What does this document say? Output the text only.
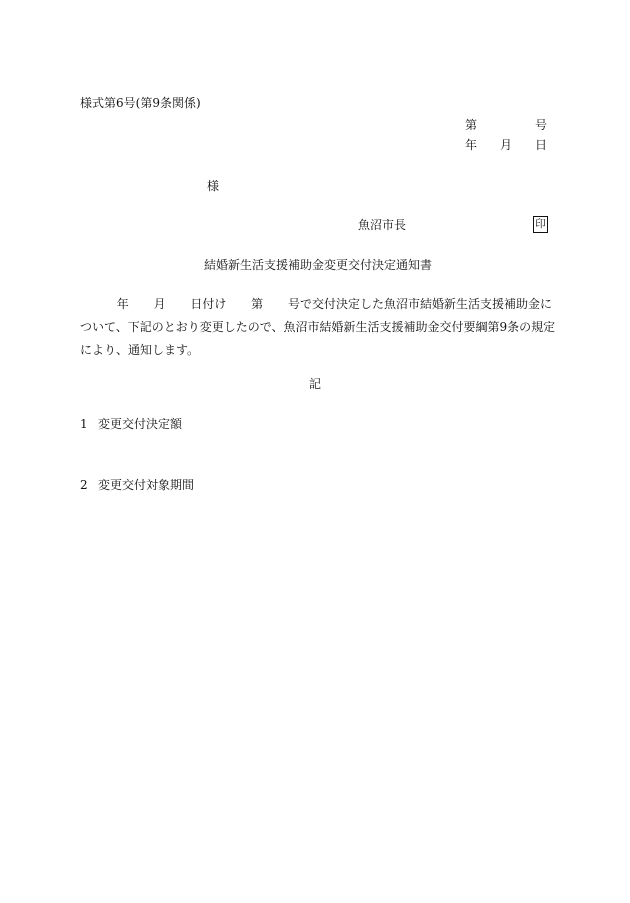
様式第6号(第9条関係)
第	号
年 月 日
様
魚沼市長	印
結婚新生活支援補助金変更交付決定通知書
年 月 日付け 第 号で交付決定した魚沼市結婚新生活支援補助金に
ついて、下記のとおり変更したので、魚沼市結婚新生活支援補助金交付要綱第9条の規定
により、通知します。
記
1 変更交付決定額
2 変更交付対象期間
